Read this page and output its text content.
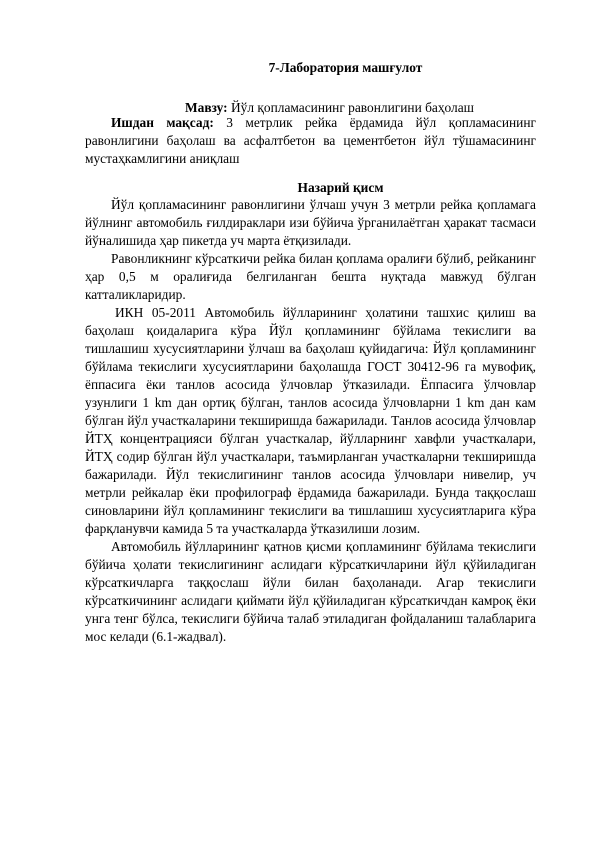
7-Лаборатория машғулот
Мавзу: Йўл қопламасининг равонлигини баҳолаш

Ишдан мақсад: 3 метрлик рейка ёрдамида йўл қопламасининг равонлигини баҳолаш ва асфалтбетон ва цементбетон йўл тўшамасининг мустаҳкамлигини аниқлаш

Назарий қисм

Йўл қопламасининг равонлигини ўлчаш учун 3 метрли рейка қопламага йўлнинг автомобиль ғилдираклари изи бўйича ўрганилаётган ҳаракат тасмаси йўналишида ҳар пикетда уч марта ётқизилади.

Равонликнинг кўрсаткичи рейка билан қоплама оралиғи бўлиб, рейканинг ҳар 0,5 м оралиғида белгиланган бешта нуқтада мавжуд бўлган катталикларидир.

ИКН 05-2011 Автомобиль йўлларининг ҳолатини ташхис қилиш ва баҳолаш қоидаларига кўра Йўл қопламининг бўйлама текислиги ва тишлашиш хусусиятларини ўлчаш ва баҳолаш қуйидагича: Йўл қопламининг бўйлама текислиги хусусиятларини баҳолашда ГОСТ 30412-96 га мувофиқ, ёппасига ёки танлов асосида ўлчовлар ўтказилади. Ёппасига ўлчовлар узунлиги 1 km дан ортиқ бўлган, танлов асосида ўлчовларни 1 km дан кам бўлган йўл участкаларини текширишда бажарилади. Танлов асосида ўлчовлар ЙТҲ концентрацияси бўлган участкалар, йўлларнинг хавфли участкалари, ЙТҲ содир бўлган йўл участкалари, таъмирланган участкаларни текширишда бажарилади. Йўл текислигининг танлов асосида ўлчовлари нивелир, уч метрли рейкалар ёки профилограф ёрдамида бажарилади. Бунда таққослаш синовларини йўл қопламининг текислиги ва тишлашиш хусусиятларига кўра фарқланувчи камида 5 та участкаларда ўтказилиши лозим.

Автомобиль йўлларининг қатнов қисми қопламининг бўйлама текислиги бўйича ҳолати текислигининг аслидаги кўрсаткичларини йўл қўйиладиган кўрсаткичларга таққослаш йўли билан баҳоланади. Агар текислиги кўрсаткичининг аслидаги қиймати йўл қўйиладиган кўрсаткичдан камроқ ёки унга тенг бўлса, текислиги бўйича талаб этиладиган фойдаланиш талабларига мос келади (6.1-жадвал).
